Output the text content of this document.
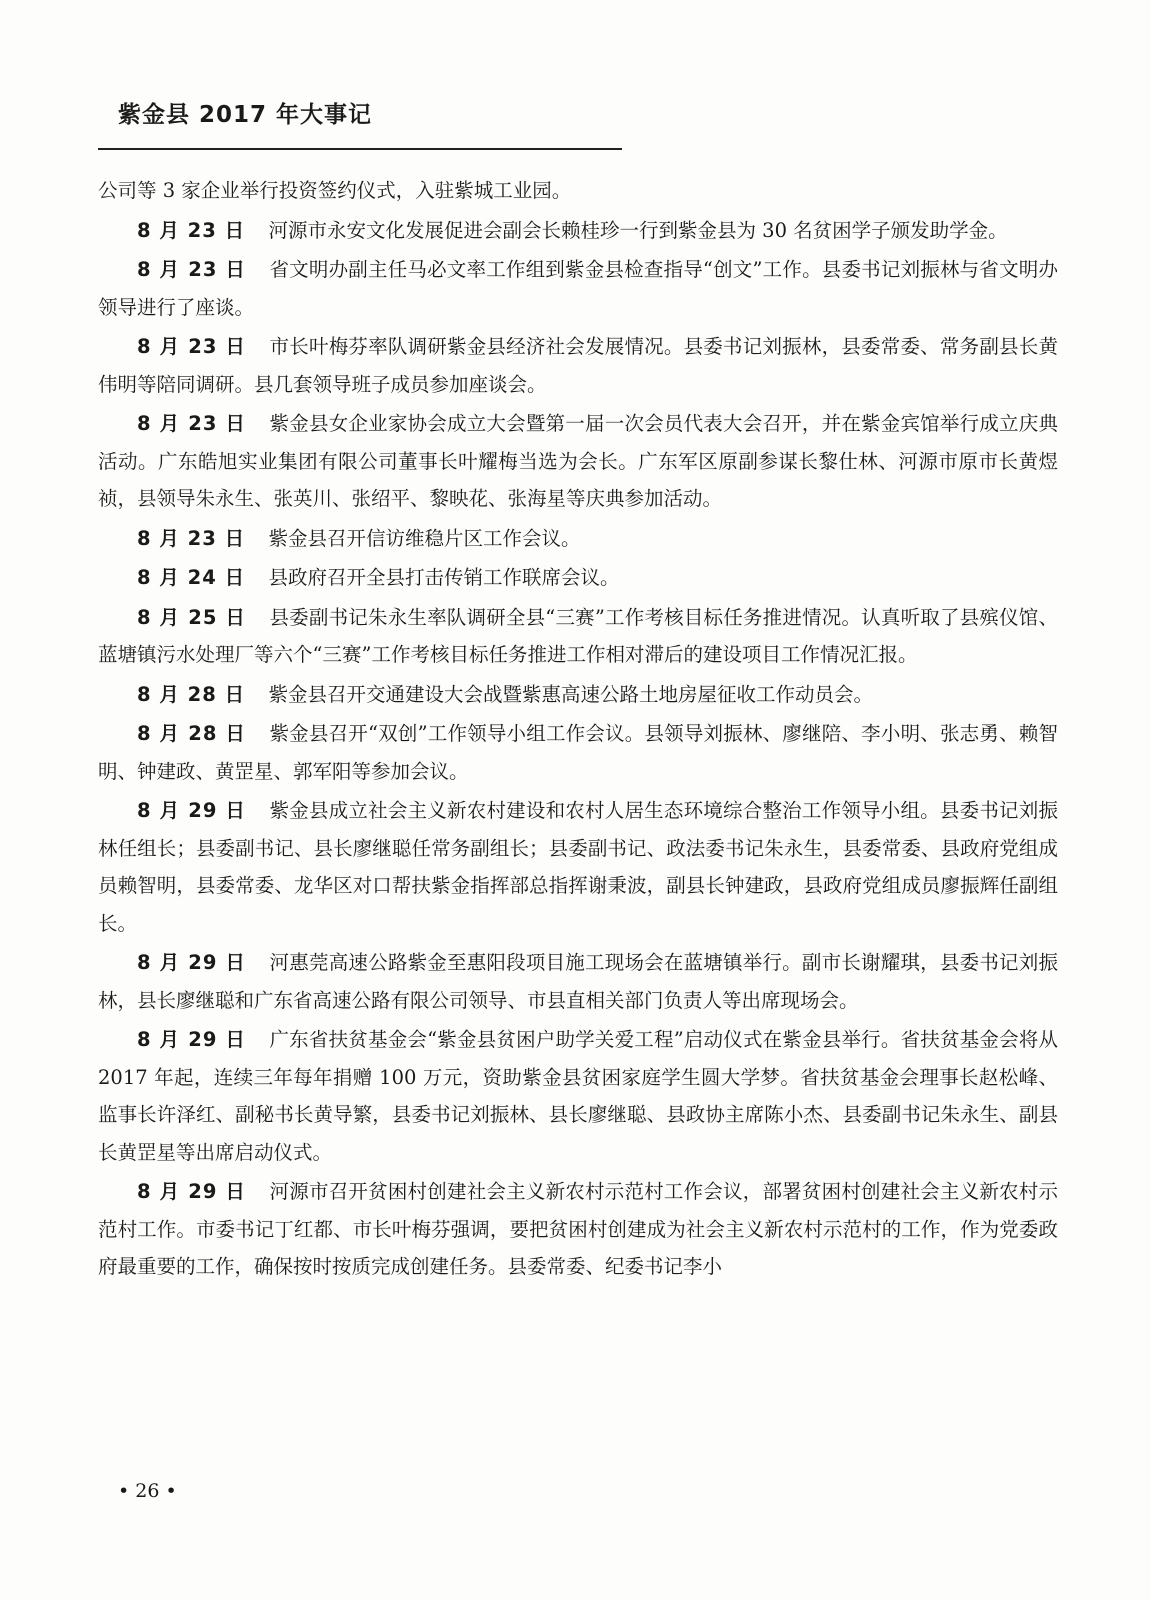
紫金县 2017 年大事记

公司等 3 家企业举行投资签约仪式，入驻紫城工业园。

8 月 23 日 河源市永安文化发展促进会副会长赖桂珍一行到紫金县为 30 名贫困学子颁发助学金。

8 月 23 日 省文明办副主任马必文率工作组到紫金县检查指导“创文”工作。县委书记刘振林与省文明办领导进行了座谈。

8 月 23 日 市长叶梅芬率队调研紫金县经济社会发展情况。县委书记刘振林，县委常委、常务副县长黄伟明等陪同调研。县几套领导班子成员参加座谈会。

8 月 23 日 紫金县女企业家协会成立大会暨第一届一次会员代表大会召开，并在紫金宾馆举行成立庆典活动。广东皓旭实业集团有限公司董事长叶耀梅当选为会长。广东军区原副参谋长黎仕林、河源市原市长黄煜祯，县领导朱永生、张英川、张绍平、黎映花、张海星等庆典参加活动。

8 月 23 日 紫金县召开信访维稳片区工作会议。

8 月 24 日 县政府召开全县打击传销工作联席会议。

8 月 25 日 县委副书记朱永生率队调研全县“三赛”工作考核目标任务推进情况。认真听取了县殡仪馆、蓝塘镇污水处理厂等六个“三赛”工作考核目标任务推进工作相对滞后的建设项目工作情况汇报。

8 月 28 日 紫金县召开交通建设大会战暨紫惠高速公路土地房屋征收工作动员会。

8 月 28 日 紫金县召开“双创”工作领导小组工作会议。县领导刘振林、廖继陪、李小明、张志勇、赖智明、钟建政、黄罡星、郭军阳等参加会议。

8 月 29 日 紫金县成立社会主义新农村建设和农村人居生态环境综合整治工作领导小组。县委书记刘振林任组长；县委副书记、县长廖继聪任常务副组长；县委副书记、政法委书记朱永生，县委常委、县政府党组成员赖智明，县委常委、龙华区对口帮扶紫金指挥部总指挥谢秉波，副县长钟建政，县政府党组成员廖振辉任副组长。

8 月 29 日 河惠莞高速公路紫金至惠阳段项目施工现场会在蓝塘镇举行。副市长谢耀琪，县委书记刘振林，县长廖继聪和广东省高速公路有限公司领导、市县直相关部门负责人等出席现场会。

8 月 29 日 广东省扶贫基金会“紫金县贫困户助学关爱工程”启动仪式在紫金县举行。省扶贫基金会将从 2017 年起，连续三年每年捐赠 100 万元，资助紫金县贫困家庭学生圆大学梦。省扶贫基金会理事长赵松峰、监事长许泽红、副秘书长黄导繁，县委书记刘振林、县长廖继聪、县政协主席陈小杰、县委副书记朱永生、副县长黄罡星等出席启动仪式。

8 月 29 日 河源市召开贫困村创建社会主义新农村示范村工作会议，部署贫困村创建社会主义新农村示范村工作。市委书记丁红都、市长叶梅芬强调，要把贫困村创建成为社会主义新农村示范村的工作，作为党委政府最重要的工作，确保按时按质完成创建任务。县委常委、纪委书记李小

• 26 •
